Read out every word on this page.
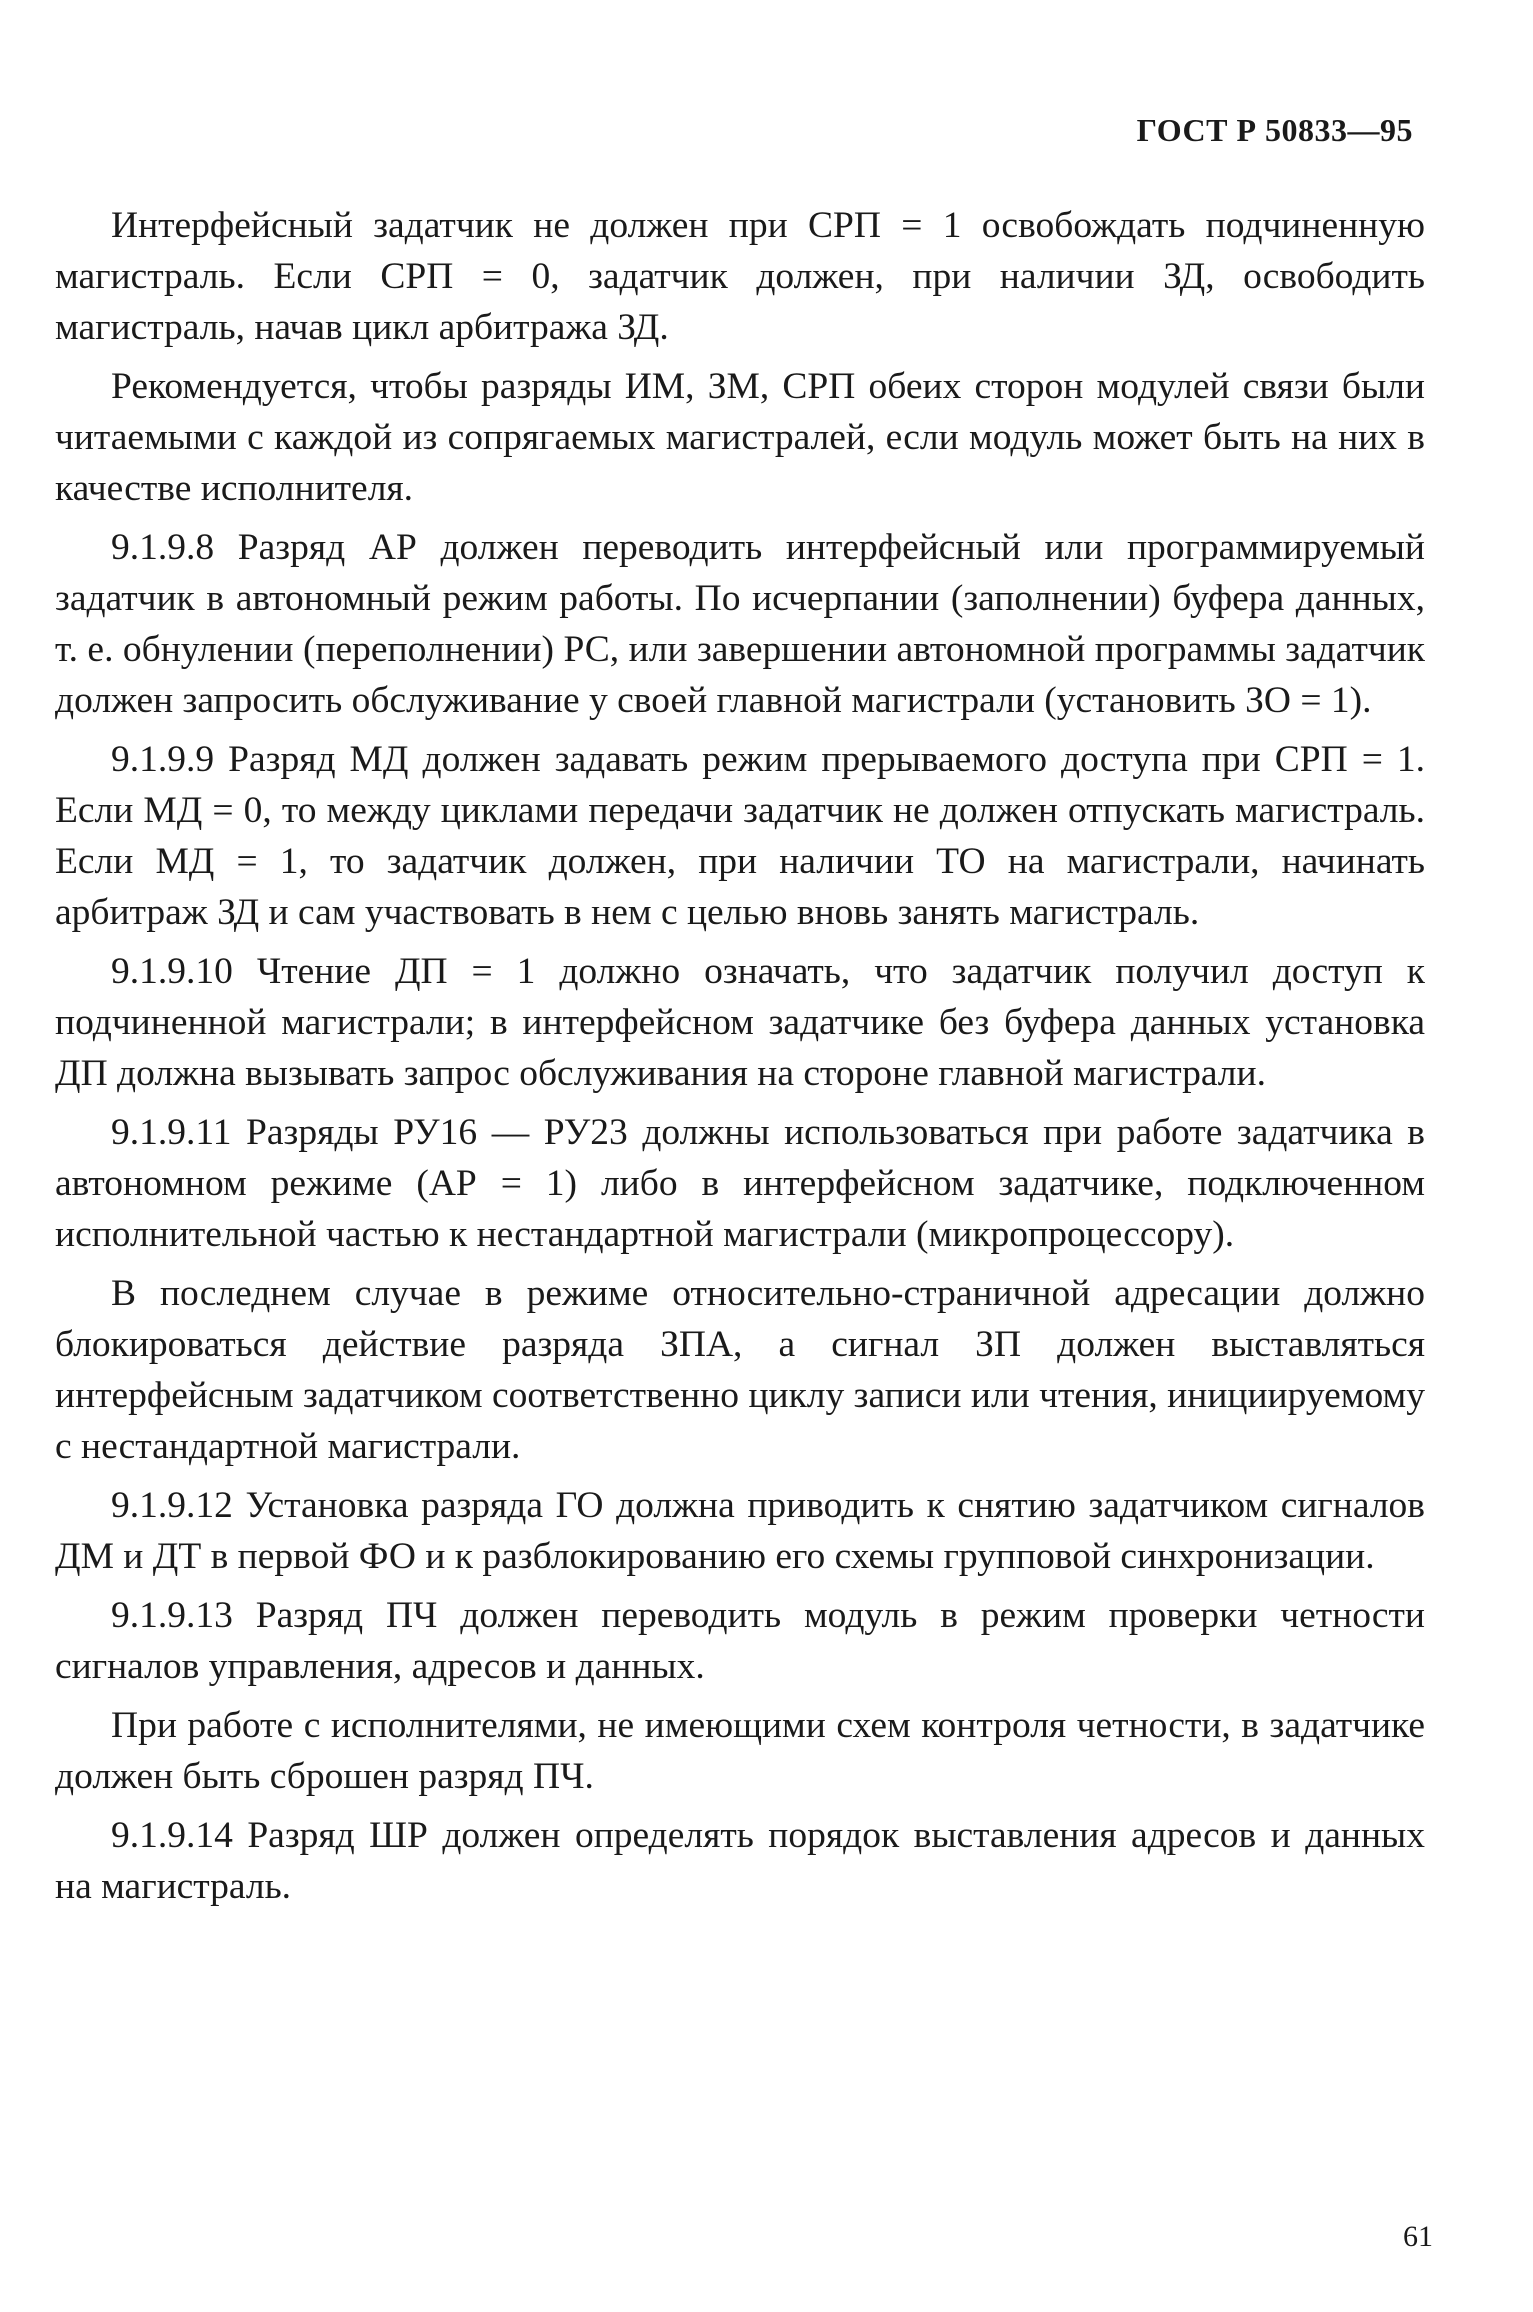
ГОСТ Р 50833—95

Интерфейсный задатчик не должен при СРП = 1 освобождать подчиненную магистраль. Если СРП = 0, задатчик должен, при наличии ЗД, освободить магистраль, начав цикл арбитража ЗД.

Рекомендуется, чтобы разряды ИМ, ЗМ, СРП обеих сторон модулей связи были читаемыми с каждой из сопрягаемых магистралей, если модуль может быть на них в качестве исполнителя.

9.1.9.8 Разряд АР должен переводить интерфейсный или программируемый задатчик в автономный режим работы. По исчерпании (заполнении) буфера данных, т. е. обнулении (переполнении) РС, или завершении автономной программы задатчик должен запросить обслуживание у своей главной магистрали (установить ЗО = 1).

9.1.9.9 Разряд МД должен задавать режим прерываемого доступа при СРП = 1. Если МД = 0, то между циклами передачи задатчик не должен отпускать магистраль. Если МД = 1, то задатчик должен, при наличии ТО на магистрали, начинать арбитраж ЗД и сам участвовать в нем с целью вновь занять магистраль.

9.1.9.10 Чтение ДП = 1 должно означать, что задатчик получил доступ к подчиненной магистрали; в интерфейсном задатчике без буфера данных установка ДП должна вызывать запрос обслуживания на стороне главной магистрали.

9.1.9.11 Разряды РУ16 — РУ23 должны использоваться при работе задатчика в автономном режиме (АР = 1) либо в интерфейсном задатчике, подключенном исполнительной частью к нестандартной магистрали (микропроцессору).

В последнем случае в режиме относительно-страничной адресации должно блокироваться действие разряда ЗПА, а сигнал ЗП должен выставляться интерфейсным задатчиком соответственно циклу записи или чтения, инициируемому с нестандартной магистрали.

9.1.9.12 Установка разряда ГО должна приводить к снятию задатчиком сигналов ДМ и ДТ в первой ФО и к разблокированию его схемы групповой синхронизации.

9.1.9.13 Разряд ПЧ должен переводить модуль в режим проверки четности сигналов управления, адресов и данных.

При работе с исполнителями, не имеющими схем контроля четности, в задатчике должен быть сброшен разряд ПЧ.

9.1.9.14 Разряд ШР должен определять порядок выставления адресов и данных на магистраль.

61
